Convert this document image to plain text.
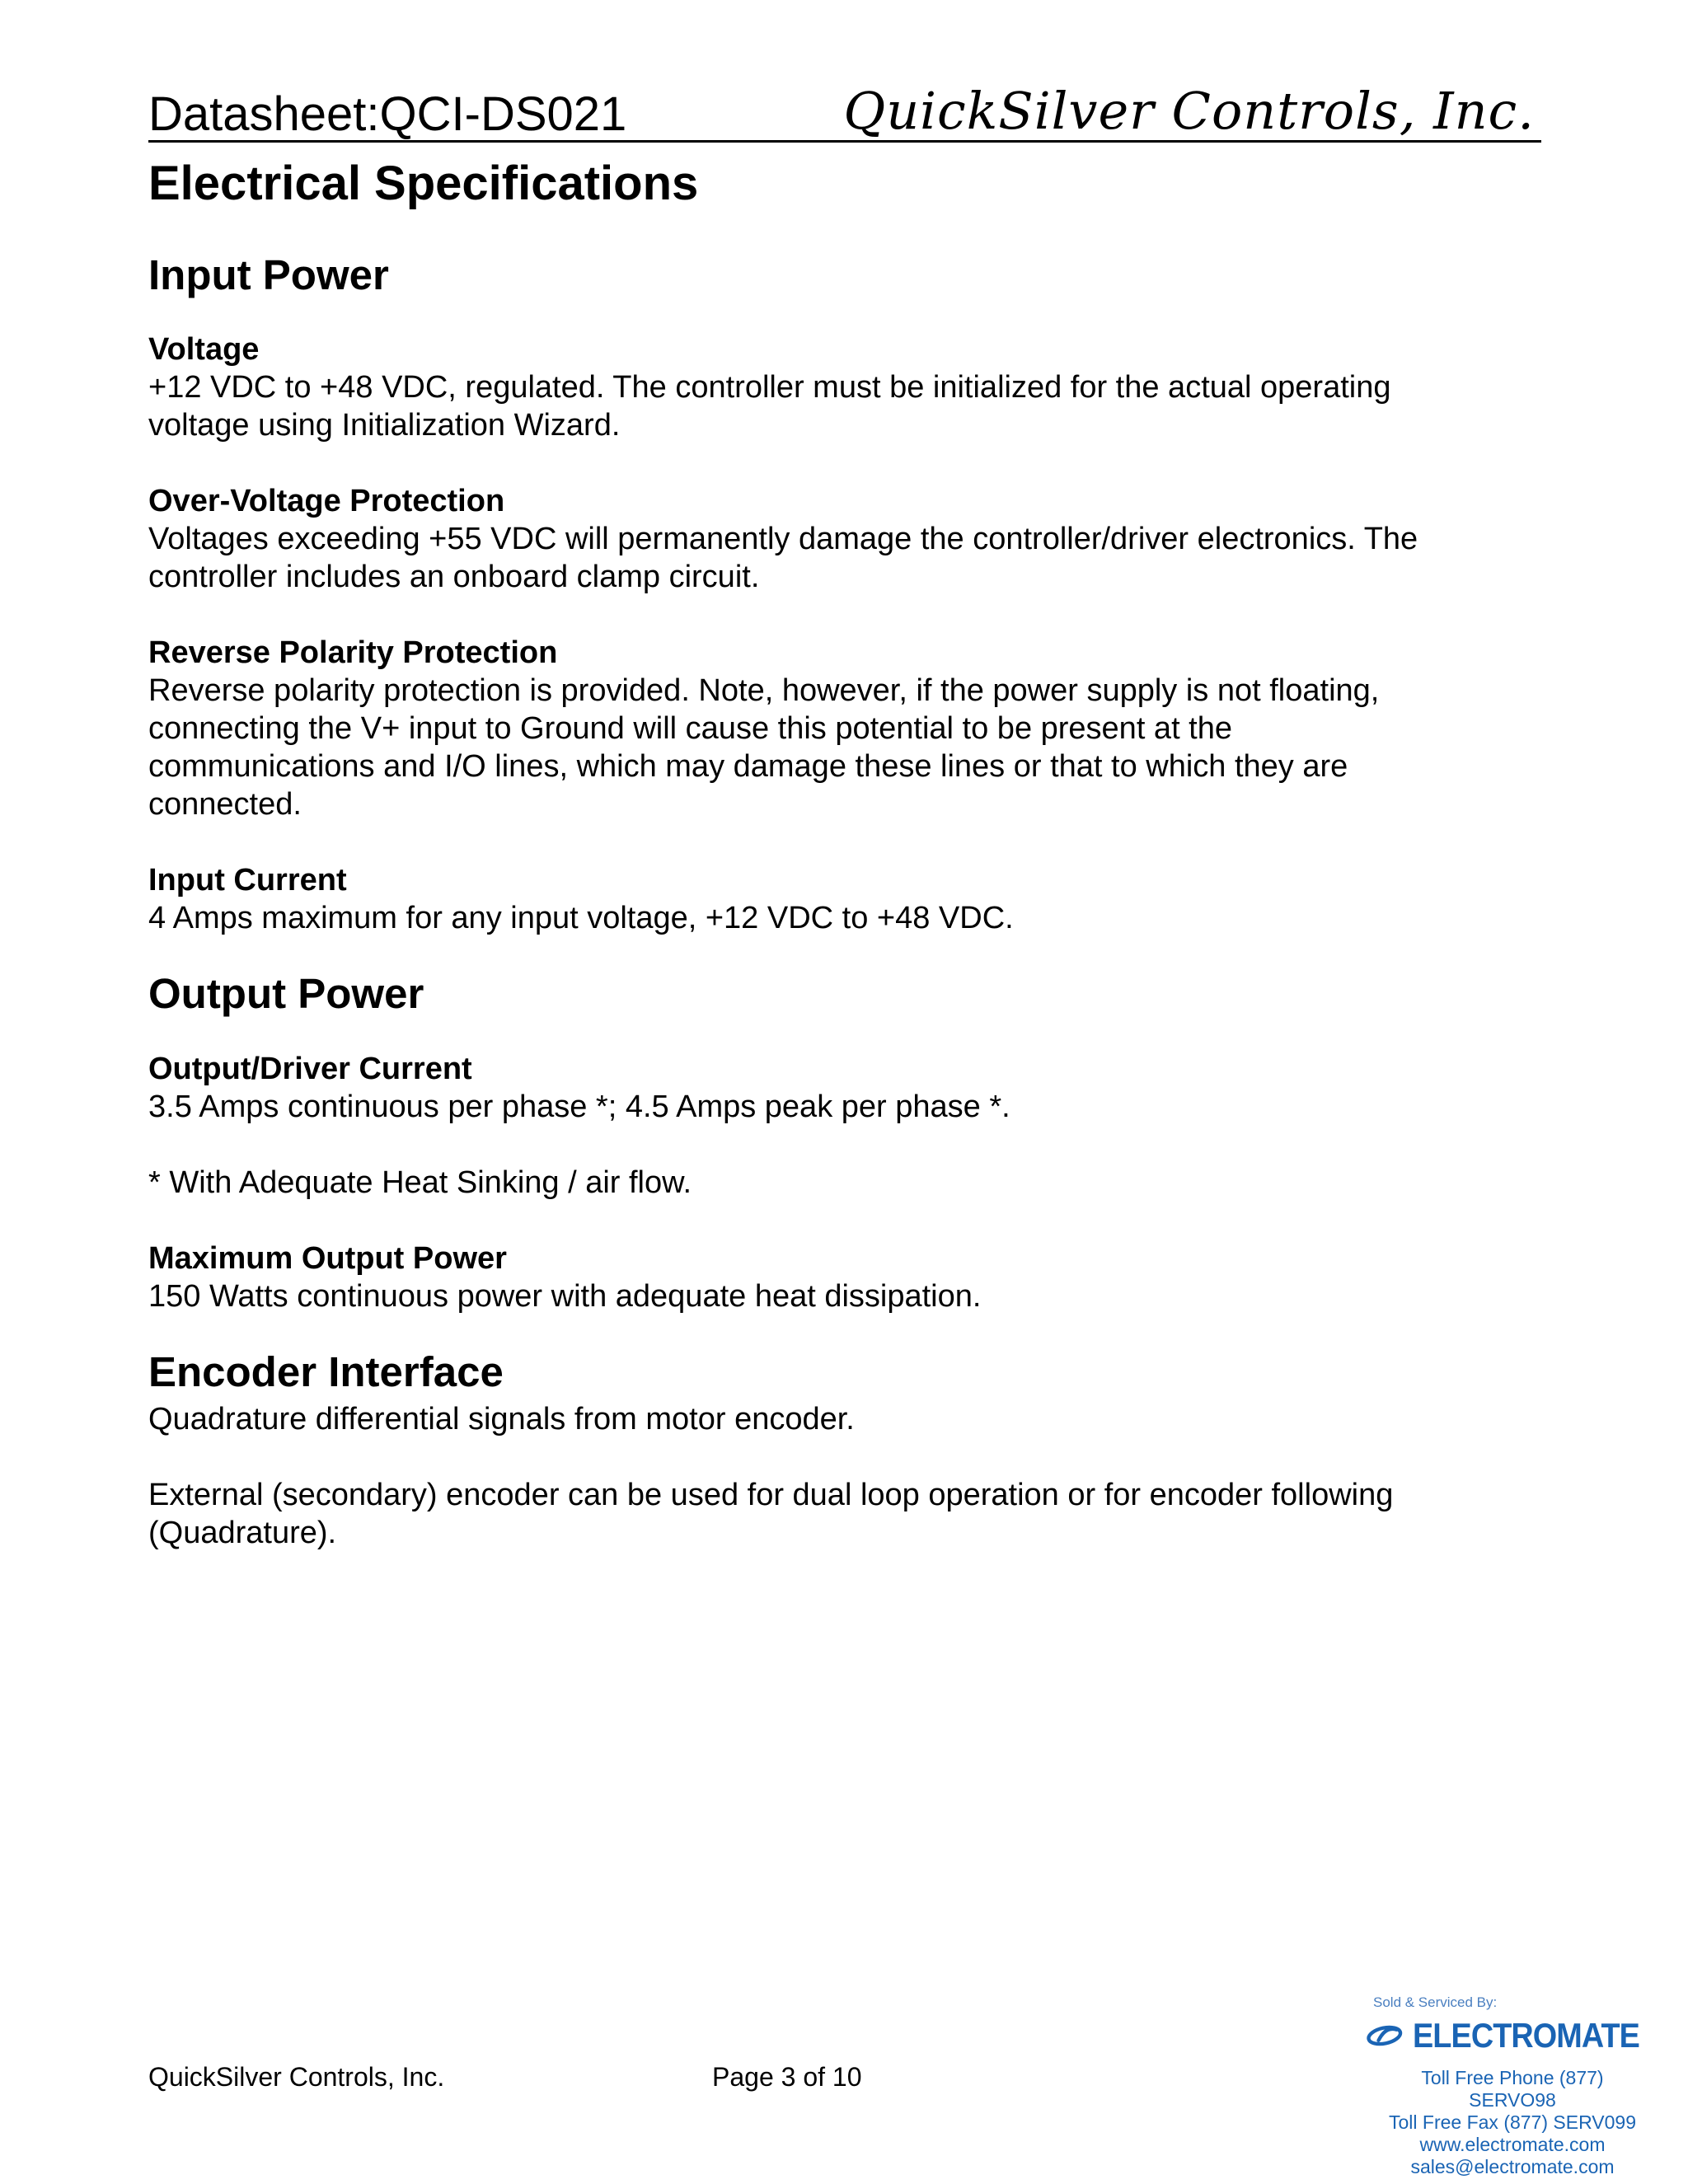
Datasheet:QCI-DS021	QuickSilver Controls, Inc.
Electrical Specifications
Input Power

Voltage

+12 VDC to +48 VDC, regulated. The controller must be initialized for the actual operating

voltage using Initialization Wizard.

Over-Voltage Protection

Voltages exceeding +55 VDC will permanently damage the controller/driver electronics. The

controller includes an onboard clamp circuit.

Reverse Polarity Protection

Reverse polarity protection is provided. Note, however, if the power supply is not floating,

connecting the V+ input to Ground will cause this potential to be present at the

communications and I/O lines, which may damage these lines or that to which they are

connected.

Input Current

4 Amps maximum for any input voltage, +12 VDC to +48 VDC.

Output Power

Output/Driver Current

3.5 Amps continuous per phase *; 4.5 Amps peak per phase *.

* With Adequate Heat Sinking / air flow.

Maximum Output Power

150 Watts continuous power with adequate heat dissipation.

Encoder Interface

Quadrature differential signals from motor encoder.

External (secondary) encoder can be used for dual loop operation or for encoder following

(Quadrature).

QuickSilver Controls, Inc.	Page 3 of 10
Sold & Serviced By:
ELECTROMATE
Toll Free Phone (877) SERVO98
Toll Free Fax (877) SERV099
www.electromate.com
sales@electromate.com
